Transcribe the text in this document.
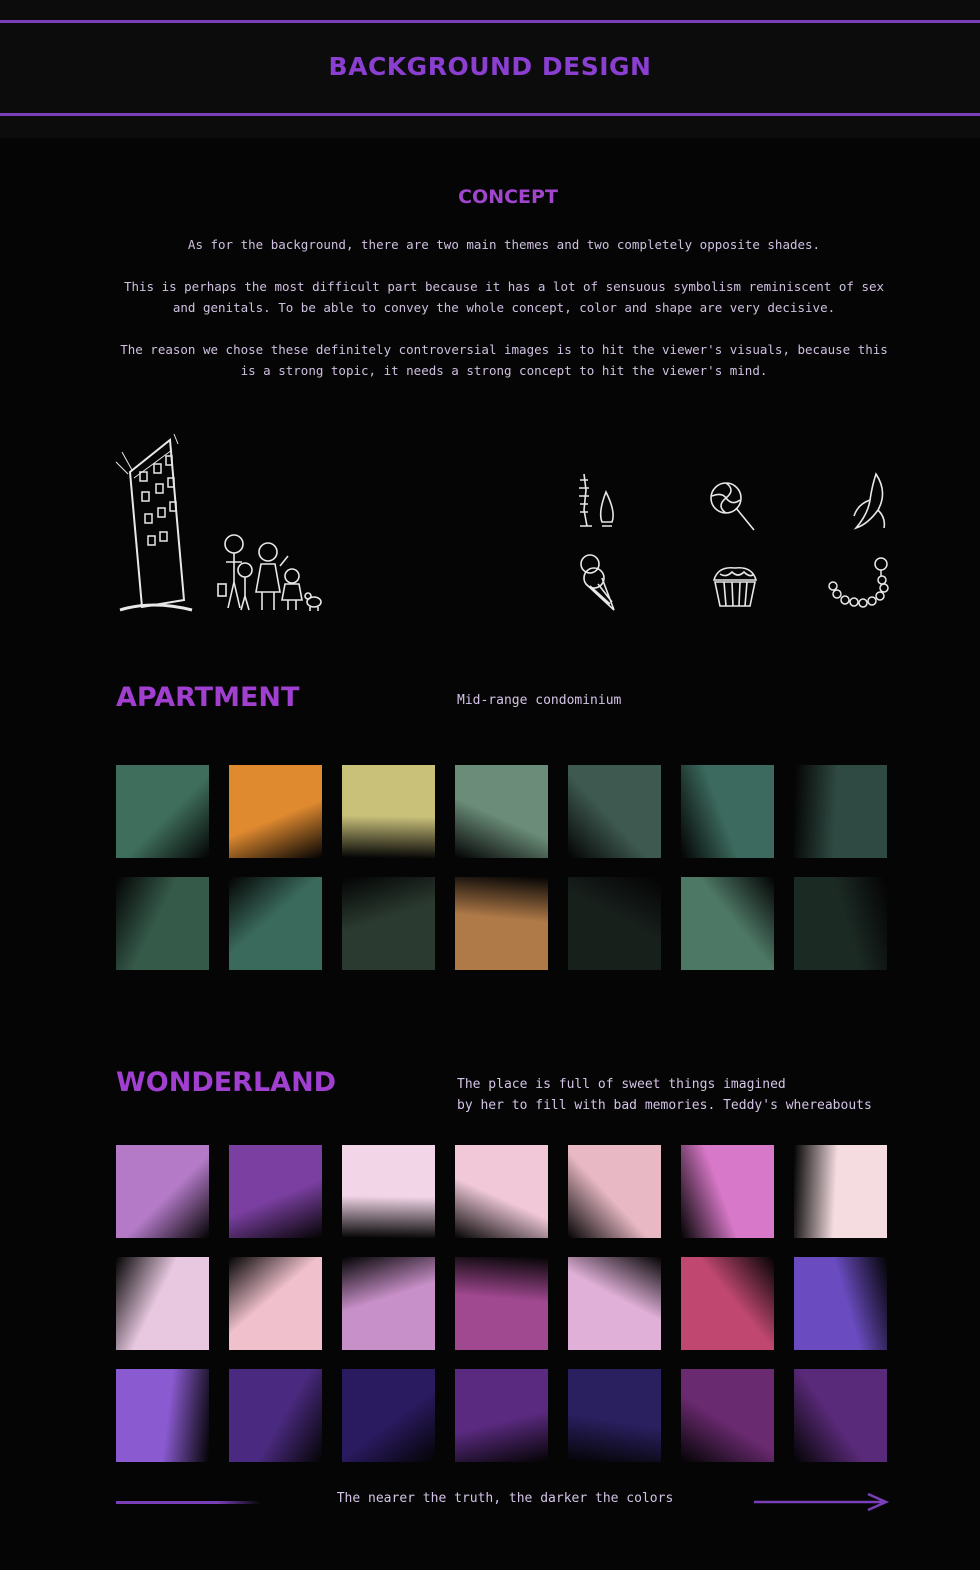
BACKGROUND DESIGN
CONCEPT
As for the background, there are two main themes and two completely opposite shades.
This is perhaps the most difficult part because it has a lot of sensuous symbolism reminiscent of sex and genitals. To be able to convey the whole concept, color and shape are very decisive.
The reason we chose these definitely controversial images is to hit the viewer's visuals, because this is a strong topic, it needs a strong concept to hit the viewer's mind.
APARTMENT	Mid-range condominium
WONDERLAND	The place is full of sweet things imagined
by her to fill with bad memories. Teddy's whereabouts
The nearer the truth, the darker the colors
